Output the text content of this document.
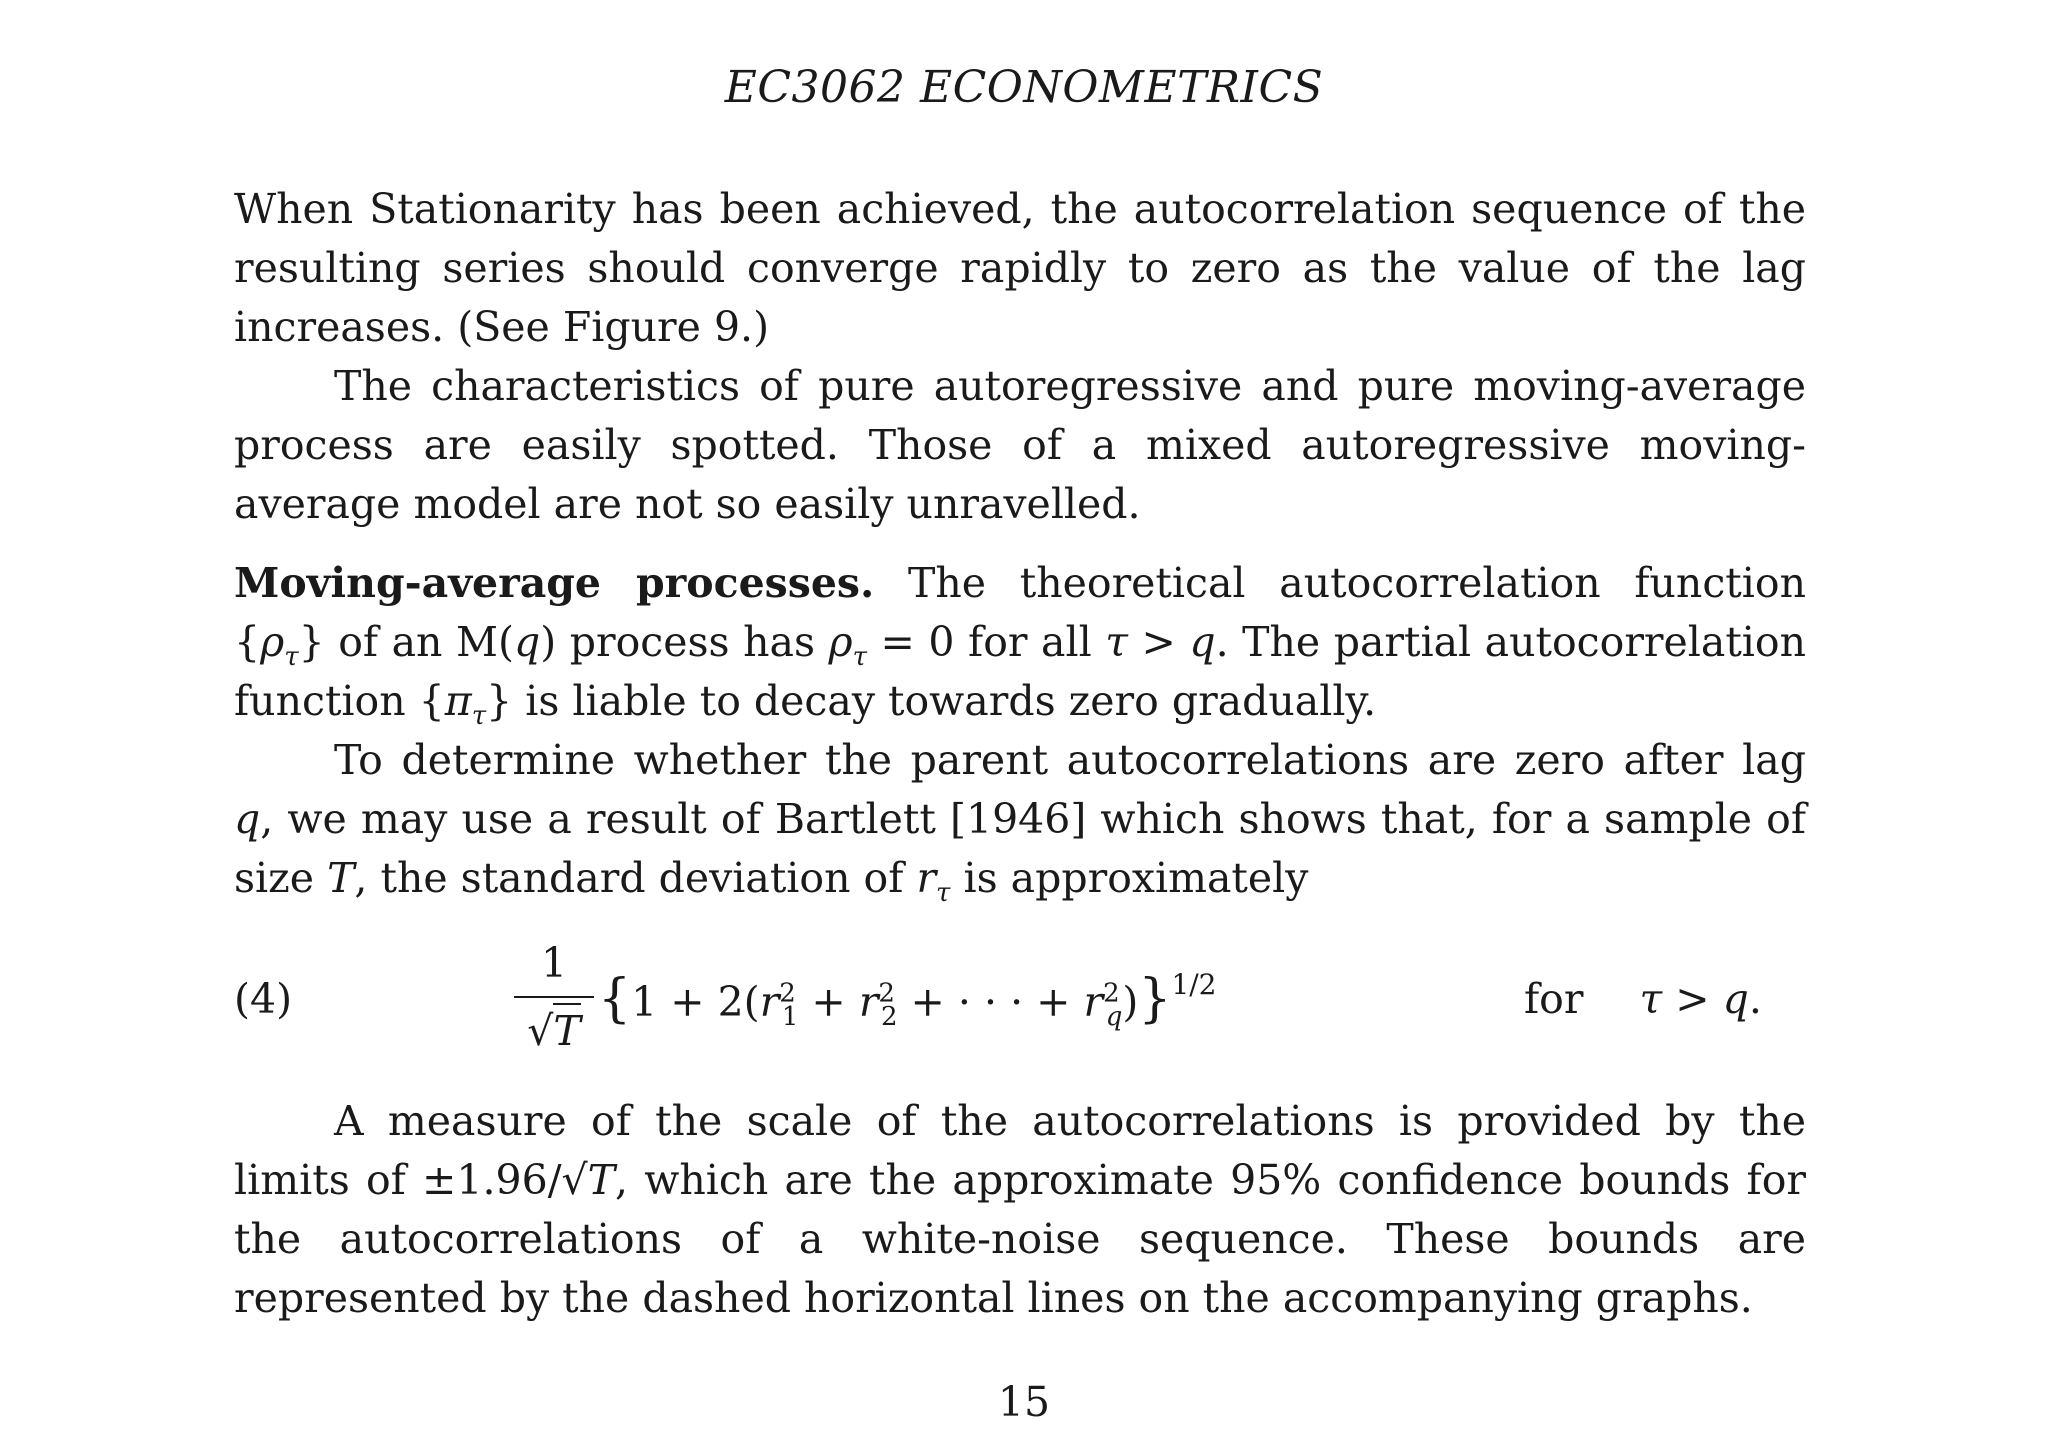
EC3062 ECONOMETRICS

When Stationarity has been achieved, the autocorrelation sequence of the resulting series should converge rapidly to zero as the value of the lag increases. (See Figure 9.)

The characteristics of pure autoregressive and pure moving-average process are easily spotted. Those of a mixed autoregressive moving-average model are not so easily unravelled.

Moving-average processes. The theoretical autocorrelation function $\{\rho_\tau\}$ of an M(q) process has $\rho_\tau = 0$ for all τ > q. The partial autocorrelation function $\{\pi_\tau\}$ is liable to decay towards zero gradually.

To determine whether the parent autocorrelations are zero after lag q, we may use a result of Bartlett [1946] which shows that, for a sample of size T, the standard deviation of $r_\tau$ is approximately

(4)
1
√T
{$1 + 2(r^2_1 + r^2_2$ + · · · + $r^2_q)\}^{1/2}$	for τ > q.

A measure of the scale of the autocorrelations is provided by the limits of ±1.96/√T, which are the approximate 95% confidence bounds for the autocorrelations of a white-noise sequence. These bounds are represented by the dashed horizontal lines on the accompanying graphs.

15
